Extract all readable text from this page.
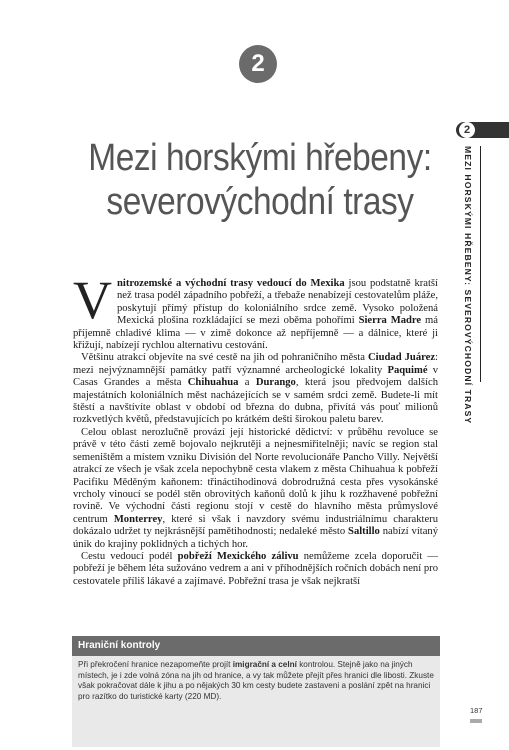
2
Mezi horskými hřebeny:
severovýchodní trasy
2
MEZI HORSKÝMI HŘEBENY: SEVEROVÝCHODNÍ TRASY

Vnitrozemské a východní trasy vedoucí do Mexika jsou podstatně kratší než trasa podél západního pobřeží, a třebaže nenabízejí cestovatelům pláže, poskytují přímý přístup do koloniálního srdce země. Vysoko položená Mexická plošina rozkládající se mezi oběma pohořími Sierra Madre má příjemně chladivé klima — v zimě dokonce až nepříjemně — a dálnice, které ji křižují, nabízejí rychlou alternativu cestování.

Většinu atrakcí objevíte na své cestě na jih od pohraničního města Ciudad Juárez: mezi nejvýznamnější památky patří významné archeologické lokality Paquimé v Casas Grandes a města Chihuahua a Durango, která jsou předvojem dalších majestátních koloniálních měst nacházejících se v samém srdci země. Budete-li mít štěstí a navštívíte oblast v období od března do dubna, přivítá vás pouť milionů rozkvetlých květů, představujících po krátkém dešti širokou paletu barev.

Celou oblast nerozlučně provází její historické dědictví: v průběhu revoluce se právě v této části země bojovalo nejkrutěji a nejnesmiřitelněji; navíc se region stal semeništěm a místem vzniku División del Norte revolucionáře Pancho Villy. Největší atrakcí ze všech je však zcela nepochybně cesta vlakem z města Chihuahua k pobřeží Pacifiku Měděným kaňonem: třináctihodinová dobrodružná cesta přes vysokánské vrcholy vinoucí se podél stěn obrovitých kaňonů dolů k jihu k rozžhavené pobřežní rovině. Ve východní části regionu stojí v cestě do hlavního města průmyslové centrum Monterrey, které si však i navzdory svému industriálnímu charakteru dokázalo udržet ty nejkrásnější pamětihodnosti; nedaleké město Saltillo nabízí vítaný únik do krajiny poklidných a tichých hor.

Cestu vedoucí podél pobřeží Mexického zálivu nemůžeme zcela doporučit — pobřeží je během léta sužováno vedrem a ani v příhodnějších ročních dobách není pro cestovatele příliš lákavé a zajímavé. Pobřežní trasa je však nejkratší

Hraniční kontroly
Při překročení hranice nezapomeňte projít imigrační a celní kontrolou. Stejně jako na jiných místech, je i zde volná zóna na jih od hranice, a vy tak můžete přejít přes hranici dle libosti. Zkuste však pokračovat dále k jihu a po nějakých 30 km cesty budete zastaveni a poslání zpět na hranici pro razítko do turistické karty (220 MD).
187
